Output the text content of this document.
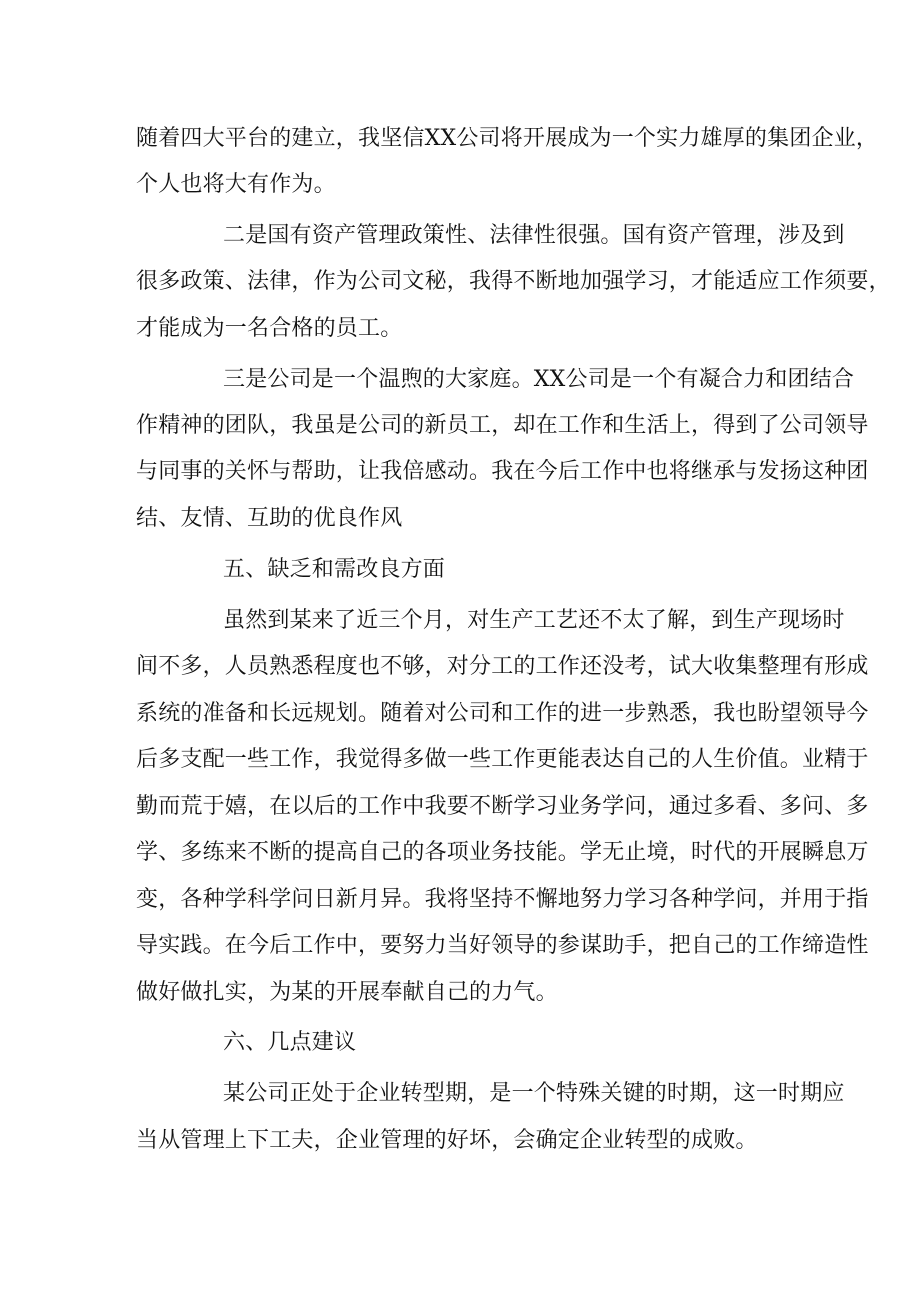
随着四大平台的建立，我坚信XX公司将开展成为一个实力雄厚的集团企业，
个人也将大有作为。
二是国有资产管理政策性、法律性很强。国有资产管理，涉及到
很多政策、法律，作为公司文秘，我得不断地加强学习，才能适应工作须要，
才能成为一名合格的员工。
三是公司是一个温煦的大家庭。XX公司是一个有凝合力和团结合
作精神的团队，我虽是公司的新员工，却在工作和生活上，得到了公司领导
与同事的关怀与帮助，让我倍感动。我在今后工作中也将继承与发扬这种团
结、友情、互助的优良作风
五、缺乏和需改良方面
虽然到某来了近三个月，对生产工艺还不太了解，到生产现场时
间不多，人员熟悉程度也不够，对分工的工作还没考，试大收集整理有形成
系统的准备和长远规划。随着对公司和工作的进一步熟悉，我也盼望领导今
后多支配一些工作，我觉得多做一些工作更能表达自己的人生价值。业精于
勤而荒于嬉，在以后的工作中我要不断学习业务学问，通过多看、多问、多
学、多练来不断的提高自己的各项业务技能。学无止境，时代的开展瞬息万
变，各种学科学问日新月异。我将坚持不懈地努力学习各种学问，并用于指
导实践。在今后工作中，要努力当好领导的参谋助手，把自己的工作缔造性
做好做扎实，为某的开展奉献自己的力气。
六、几点建议
某公司正处于企业转型期，是一个特殊关键的时期，这一时期应
当从管理上下工夫，企业管理的好坏，会确定企业转型的成败。
